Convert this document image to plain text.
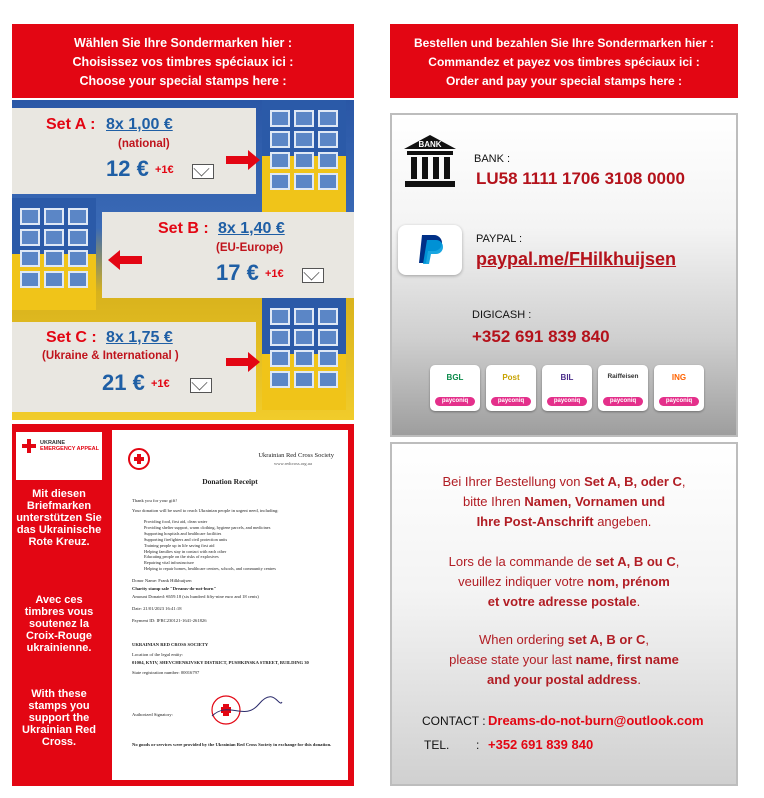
Wählen Sie Ihre Sondermarken hier :
Choisissez vos timbres spéciaux ici :
Choose your special stamps here :
Bestellen und bezahlen Sie Ihre Sondermarken hier :
Commandez et payez vos timbres spéciaux ici :
Order and pay your special stamps here :
Set A : 8x 1,00 €
(national)
12 € +1€
Set B : 8x 1,40 €
(EU-Europe)
17 € +1€
Set C : 8x 1,75 €
(Ukraine & International )
21 € +1€
UKRAINE
EMERGENCY APPEAL
Mit diesen Briefmarken unterstützen Sie das Ukrainische Rote Kreuz.
Avec ces timbres vous soutenez la Croix-Rouge ukrainienne.
With these stamps you support the Ukrainian Red Cross.
Ukrainian Red Cross Society
www.redcross.org.ua
Donation Receipt
Thank you for your gift!
Your donation will be used to reach Ukrainian people in urgent need, including:
Providing food, first aid, clean water
Providing shelter support, warm clothing, hygiene parcels, and medicines
Supporting hospitals and healthcare facilities
Supporting firefighters and civil protection units
Training people up in life saving first aid
Helping families stay in contact with each other
Educating people on the risks of explosives
Repairing vital infrastructure
Helping to repair homes, healthcare centres, schools, and community centres
Donor Name: Frank Hilkhuijsen
Charity stamp sale "Dreams-do-not-burn"
Amount Donated: €659.18 (six hundred fifty-nine euro and 18 cents)
Date: 21/01/2023 16:41:18
Payment ID: IFRC230121-1641-261826
UKRAINIAN RED CROSS SOCIETY
Location of the legal entity:
01004, KYIV, SHEVCHENKIVSKY DISTRICT, PUSHKINSKA STREET, BUILDING 30
State registration number: 00016797
Authorized Signatory:
No goods or services were provided by the Ukrainian Red Cross Society in exchange for this donation.
BANK
BANK :
LU58 1111 1706 3108 0000
PAYPAL :
paypal.me/FHilkhuijsen
DIGICASH :
+352 691 839 840
BGL
payconiq
Post
payconiq
BIL
payconiq
Raiffeisen
payconiq
ING
payconiq
Bei Ihrer Bestellung von Set A, B, oder C,
bitte Ihren Namen, Vornamen und
Ihre Post-Anschrift angeben.
Lors de la commande de set A, B ou C,
veuillez indiquer votre nom, prénom
et votre adresse postale.
When ordering set A, B or C,
please state your last name, first name
and your postal address.
CONTACT : Dreams-do-not-burn@outlook.com
TEL.        : +352 691 839 840
